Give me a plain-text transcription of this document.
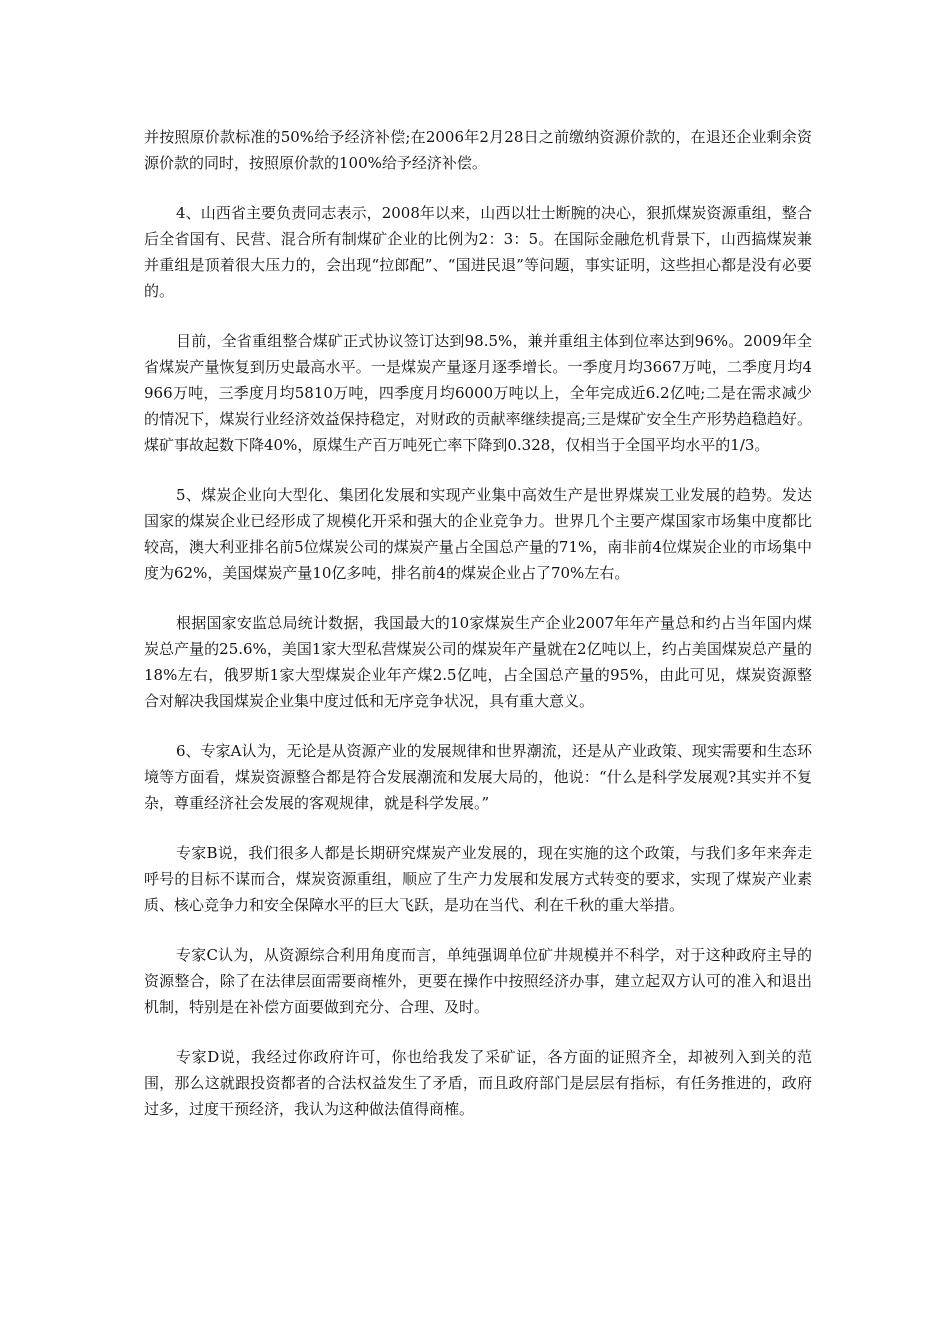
并按照原价款标准的50%给予经济补偿;在2006年2月28日之前缴纳资源价款的，在退还企业剩余资源价款的同时，按照原价款的100%给予经济补偿。

4、山西省主要负责同志表示，2008年以来，山西以壮士断腕的决心，狠抓煤炭资源重组，整合后全省国有、民营、混合所有制煤矿企业的比例为2：3：5。在国际金融危机背景下，山西搞煤炭兼并重组是顶着很大压力的，会出现“拉郎配”、“国进民退”等问题，事实证明，这些担心都是没有必要的。

目前，全省重组整合煤矿正式协议签订达到98.5%，兼并重组主体到位率达到96%。2009年全省煤炭产量恢复到历史最高水平。一是煤炭产量逐月逐季增长。一季度月均3667万吨，二季度月均4966万吨，三季度月均5810万吨，四季度月均6000万吨以上，全年完成近6.2亿吨;二是在需求减少的情况下，煤炭行业经济效益保持稳定，对财政的贡献率继续提高;三是煤矿安全生产形势趋稳趋好。煤矿事故起数下降40%，原煤生产百万吨死亡率下降到0.328，仅相当于全国平均水平的1/3。

5、煤炭企业向大型化、集团化发展和实现产业集中高效生产是世界煤炭工业发展的趋势。发达国家的煤炭企业已经形成了规模化开采和强大的企业竞争力。世界几个主要产煤国家市场集中度都比较高，澳大利亚排名前5位煤炭公司的煤炭产量占全国总产量的71%，南非前4位煤炭企业的市场集中度为62%，美国煤炭产量10亿多吨，排名前4的煤炭企业占了70%左右。

根据国家安监总局统计数据，我国最大的10家煤炭生产企业2007年年产量总和约占当年国内煤炭总产量的25.6%，美国1家大型私营煤炭公司的煤炭年产量就在2亿吨以上，约占美国煤炭总产量的18%左右，俄罗斯1家大型煤炭企业年产煤2.5亿吨，占全国总产量的95%，由此可见，煤炭资源整合对解决我国煤炭企业集中度过低和无序竞争状况，具有重大意义。

6、专家A认为，无论是从资源产业的发展规律和世界潮流，还是从产业政策、现实需要和生态环境等方面看，煤炭资源整合都是符合发展潮流和发展大局的，他说：“什么是科学发展观?其实并不复杂，尊重经济社会发展的客观规律，就是科学发展。”

专家B说，我们很多人都是长期研究煤炭产业发展的，现在实施的这个政策，与我们多年来奔走呼号的目标不谋而合，煤炭资源重组，顺应了生产力发展和发展方式转变的要求，实现了煤炭产业素质、核心竞争力和安全保障水平的巨大飞跃，是功在当代、利在千秋的重大举措。

专家C认为，从资源综合利用角度而言，单纯强调单位矿井规模并不科学，对于这种政府主导的资源整合，除了在法律层面需要商榷外，更要在操作中按照经济办事，建立起双方认可的准入和退出机制，特别是在补偿方面要做到充分、合理、及时。

专家D说，我经过你政府许可，你也给我发了采矿证，各方面的证照齐全，却被列入到关的范围，那么这就跟投资都者的合法权益发生了矛盾，而且政府部门是层层有指标，有任务推进的，政府过多，过度干预经济，我认为这种做法值得商榷。
